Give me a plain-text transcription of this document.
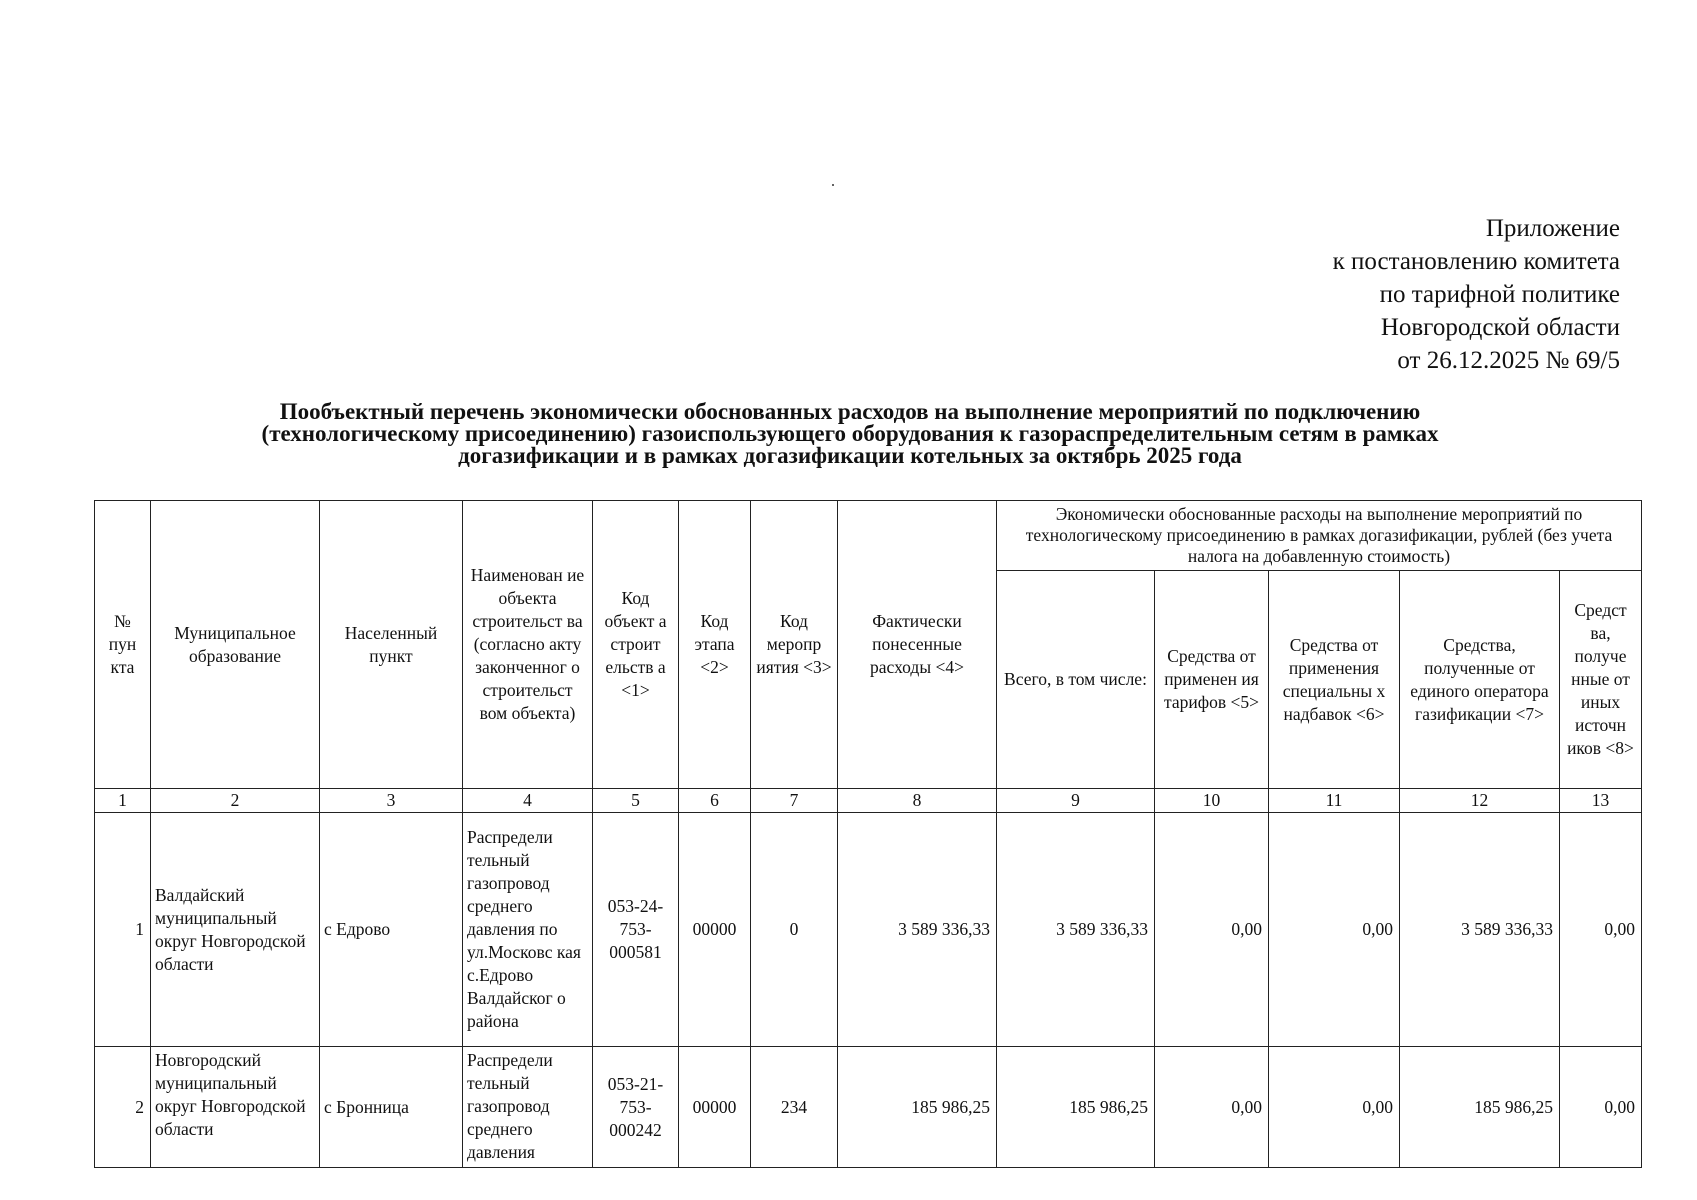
Приложение
к постановлению комитета
по тарифной политике
Новгородской области
от 26.12.2025 № 69/5
Пообъектный перечень экономически обоснованных расходов на выполнение мероприятий по подключению
(технологическому присоединению) газоиспользующего оборудования к газораспределительным сетям в рамках
догазификации и в рамках догазификации котельных за октябрь 2025 года
№ пун кта	Муниципальное образование	Населенный пункт	Наименован ие объекта строительст ва (согласно акту законченног о строительст вом объекта)	Код объект а строит ельств а <1>	Код этапа <2>	Код меропр иятия <3>	Фактически понесенные расходы <4>	Экономически обоснованные расходы на выполнение мероприятий по технологическому присоединению в рамках догазификации, рублей (без учета налога на добавленную стоимость)				
								Всего, в том числе:	Средства от применен ия тарифов <5>	Средства от применения специальны х надбавок <6>	Средства, полученные от единого оператора газификации <7>	Средст ва, получе нные от иных источн иков <8>
1	2	3	4	5	6	7	8	9	10	11	12	13
1	Валдайский муниципальный округ Новгородской области	с Едрово	Распредели тельный газопровод среднего давления по ул.Московс кая с.Едрово Валдайског о района	053-24- 753- 000581	00000	0	3 589 336,33	3 589 336,33	0,00	0,00	3 589 336,33	0,00
2	Новгородский муниципальный округ Новгородской области	с Бронница	Распредели тельный газопровод среднего давления	053-21- 753- 000242	00000	234	185 986,25	185 986,25	0,00	0,00	185 986,25	0,00
